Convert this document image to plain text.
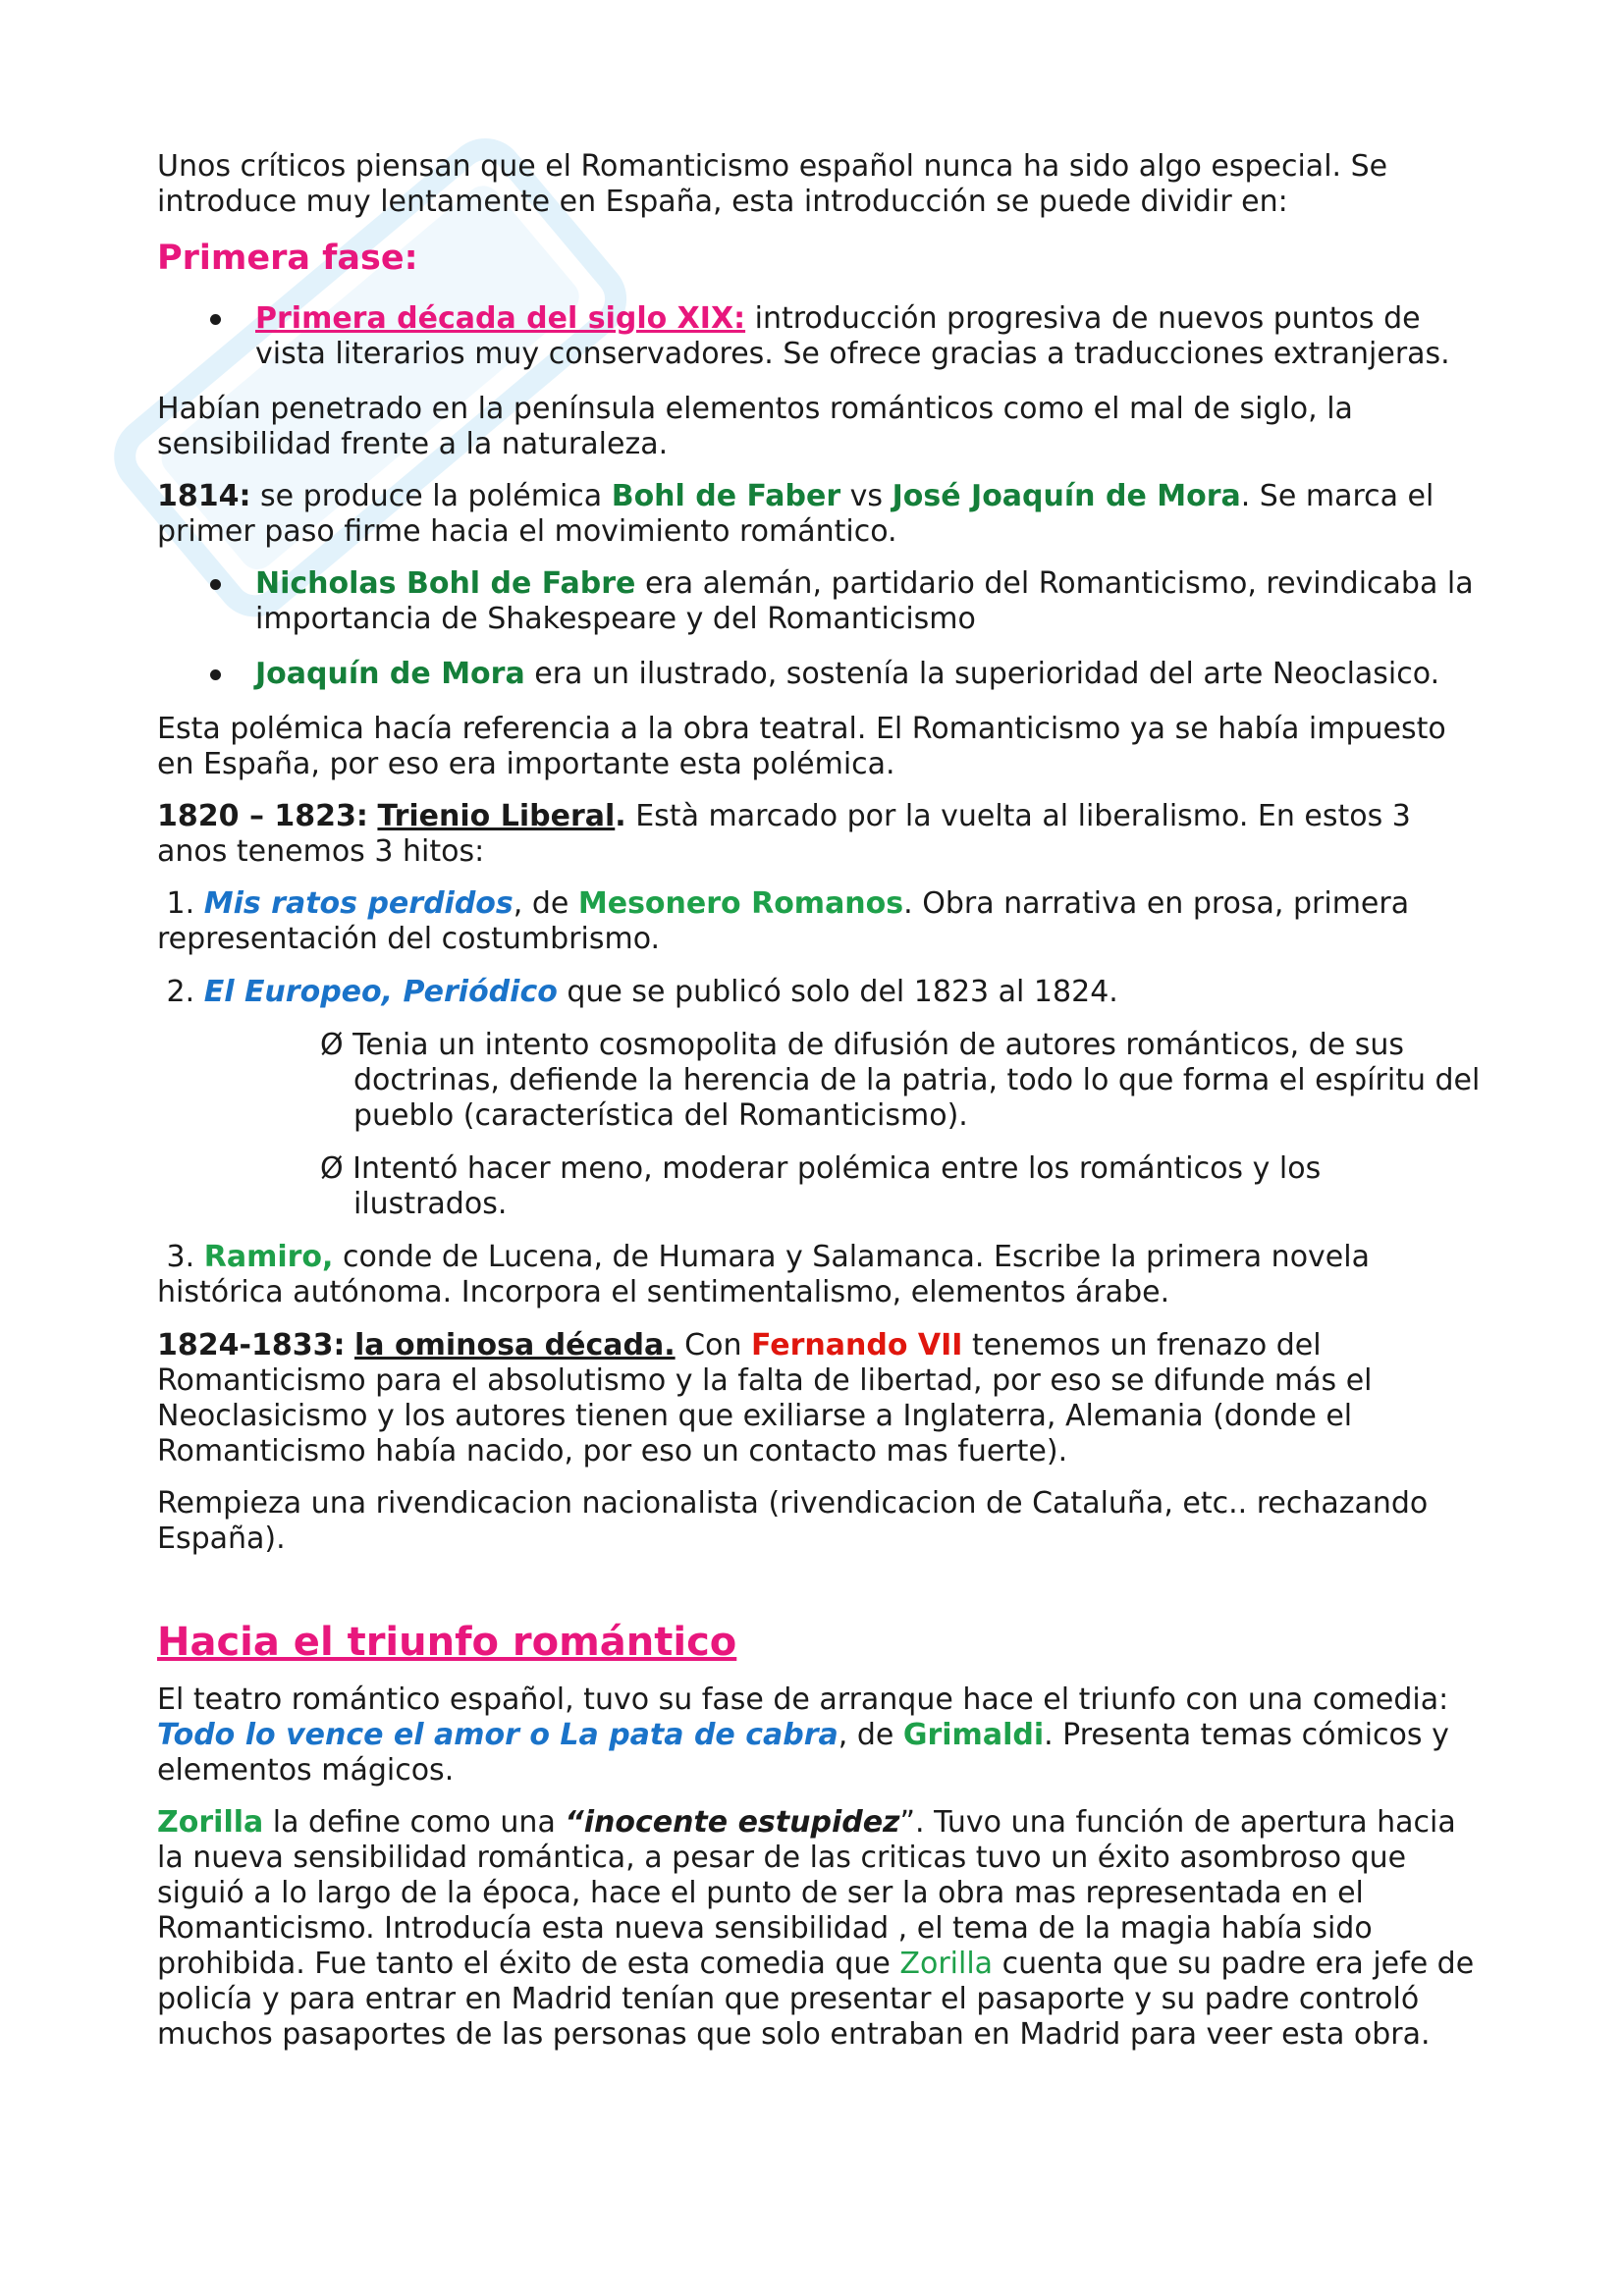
Unos críticos piensan que el Romanticismo español nunca ha sido algo especial. Se introduce muy lentamente en España, esta introducción se puede dividir en:

Primera fase:
Primera década del siglo XIX: introducción progresiva de nuevos puntos de vista literarios muy conservadores. Se ofrece gracias a traducciones extranjeras.

Habían penetrado en la península elementos románticos como el mal de siglo, la sensibilidad frente a la naturaleza.

1814: se produce la polémica Bohl de Faber vs José Joaquín de Mora. Se marca el primer paso firme hacia el movimiento romántico.

Nicholas Bohl de Fabre era alemán, partidario del Romanticismo, revindicaba la importancia de Shakespeare y del Romanticismo
Joaquín de Mora era un ilustrado, sostenía la superioridad del arte Neoclasico.

Esta polémica hacía referencia a la obra teatral. El Romanticismo ya se había impuesto en España, por eso era importante esta polémica.

1820 – 1823: Trienio Liberal. Està marcado por la vuelta al liberalismo. En estos 3 anos tenemos 3 hitos:

1. Mis ratos perdidos, de Mesonero Romanos. Obra narrativa en prosa, primera representación del costumbrismo.

2. El Europeo, Periódico que se publicó solo del 1823 al 1824.

Ø Tenia un intento cosmopolita de difusión de autores románticos, de sus doctrinas, defiende la herencia de la patria, todo lo que forma el espíritu del pueblo (característica del Romanticismo).

Ø Intentó hacer meno, moderar polémica entre los románticos y los ilustrados.

3. Ramiro, conde de Lucena, de Humara y Salamanca. Escribe la primera novela histórica autónoma. Incorpora el sentimentalismo, elementos árabe.

1824-1833: la ominosa década. Con Fernando VII tenemos un frenazo del Romanticismo para el absolutismo y la falta de libertad, por eso se difunde más el Neoclasicismo y los autores tienen que exiliarse a Inglaterra, Alemania (donde el Romanticismo había nacido, por eso un contacto mas fuerte).

Rempieza una rivendicacion nacionalista (rivendicacion de Cataluña, etc.. rechazando España).

Hacia el triunfo romántico

El teatro romántico español, tuvo su fase de arranque hace el triunfo con una comedia: Todo lo vence el amor o La pata de cabra, de Grimaldi. Presenta temas cómicos y elementos mágicos.

Zorilla la define como una “inocente estupidez”. Tuvo una función de apertura hacia la nueva sensibilidad romántica, a pesar de las criticas tuvo un éxito asombroso que siguió a lo largo de la época, hace el punto de ser la obra mas representada en el Romanticismo. Introducía esta nueva sensibilidad , el tema de la magia había sido prohibida. Fue tanto el éxito de esta comedia que Zorilla cuenta que su padre era jefe de policía y para entrar en Madrid tenían que presentar el pasaporte y su padre controló muchos pasaportes de las personas que solo entraban en Madrid para veer esta obra.
